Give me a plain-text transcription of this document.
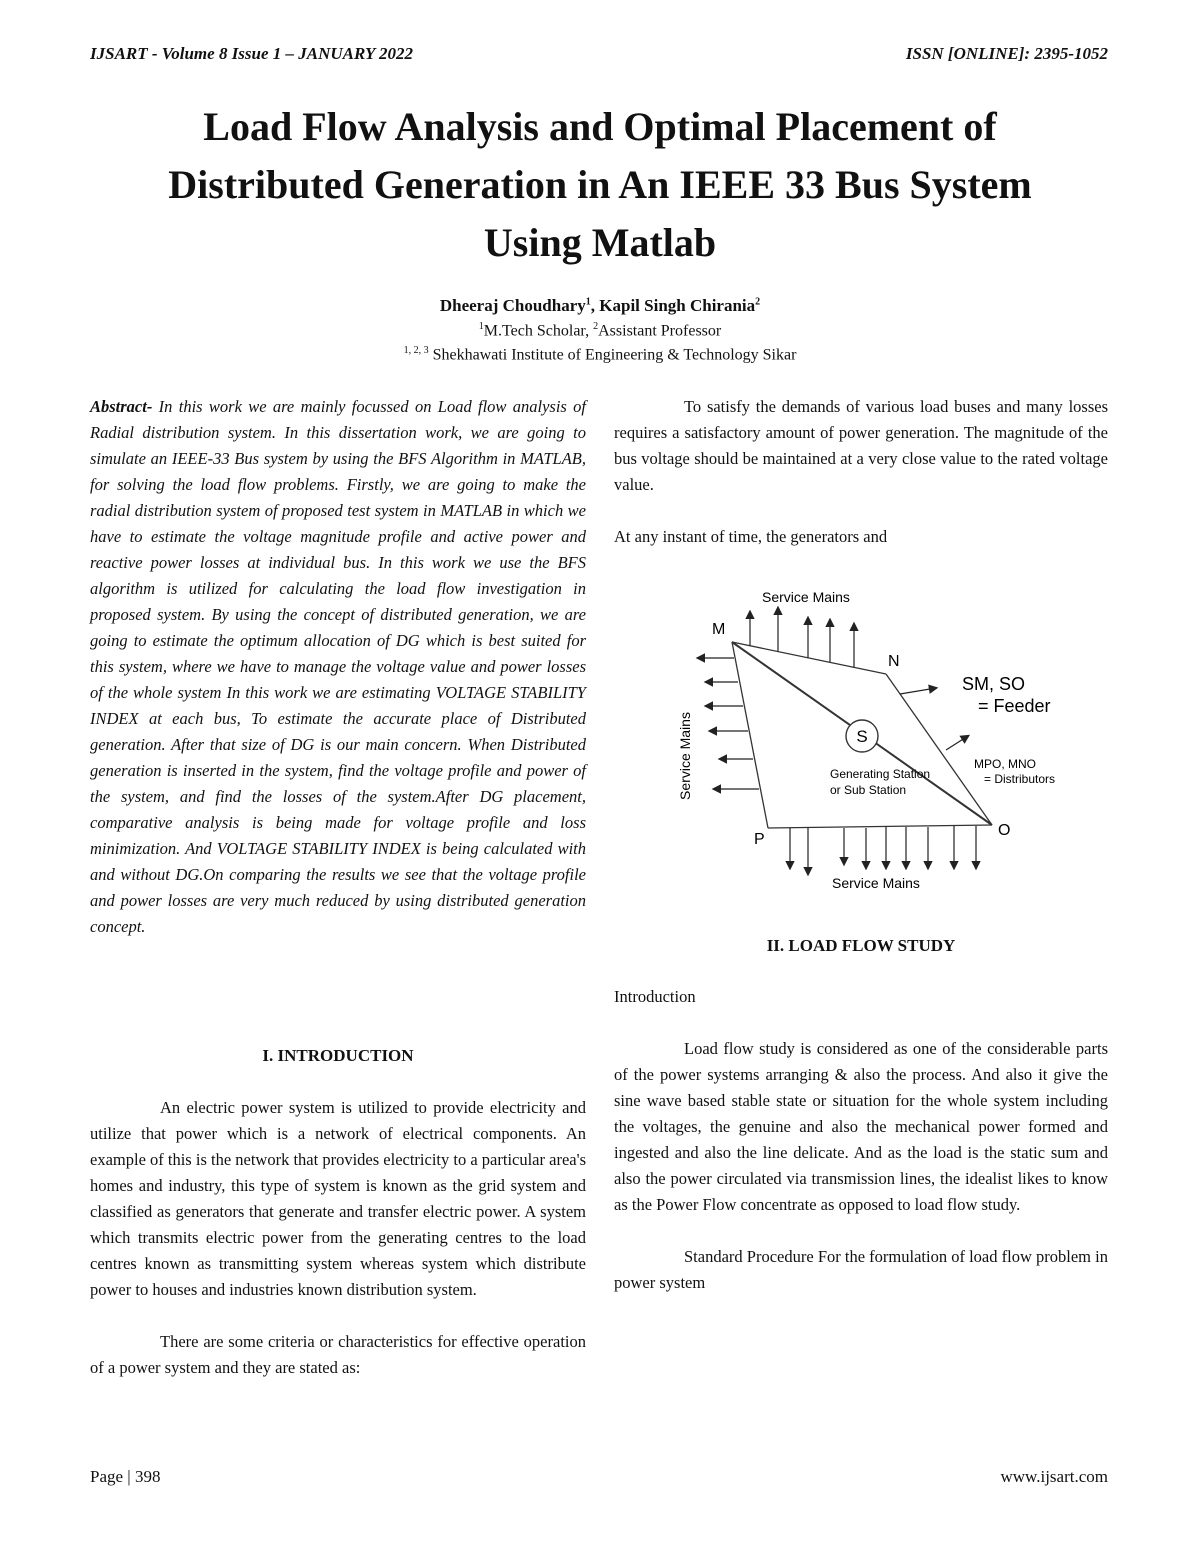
IJSART - Volume 8 Issue 1 – JANUARY 2022	ISSN [ONLINE]: 2395-1052
Load Flow Analysis and Optimal Placement of
Distributed Generation in An IEEE 33 Bus System
Using Matlab
Dheeraj Choudhary$^1$, Kapil Singh Chirania$^2$
$^1$M.Tech Scholar, $^2$Assistant Professor
$^{1, 2, 3}$ Shekhawati Institute of Engineering & Technology Sikar

Abstract- In this work we are mainly focussed on Load flow analysis of Radial distribution system. In this dissertation work, we are going to simulate an IEEE-33 Bus system by using the BFS Algorithm in MATLAB, for solving the load flow problems. Firstly, we are going to make the radial distribution system of proposed test system in MATLAB in which we have to estimate the voltage magnitude profile and active power and reactive power losses at individual bus. In this work we use the BFS algorithm is utilized for calculating the load flow investigation in proposed system. By using the concept of distributed generation, we are going to estimate the optimum allocation of DG which is best suited for this system, where we have to manage the voltage value and power losses of the whole system In this work we are estimating VOLTAGE STABILITY INDEX at each bus, To estimate the accurate place of Distributed generation. After that size of DG is our main concern. When Distributed generation is inserted in the system, find the voltage profile and power of the system, and find the losses of the system.After DG placement, comparative analysis is being made for voltage profile and loss minimization. And VOLTAGE STABILITY INDEX is being calculated with and without DG.On comparing the results we see that the voltage profile and power losses are very much reduced by using distributed generation concept.

I. INTRODUCTION

An electric power system is utilized to provide electricity and utilize that power which is a network of electrical components. An example of this is the network that provides electricity to a particular area's homes and industry, this type of system is known as the grid system and classified as generators that generate and transfer electric power. A system which transmits electric power from the generating centres to the load centres known as transmitting system whereas system which distribute power to houses and industries known distribution system.

There are some criteria or characteristics for effective operation of a power system and they are stated as:

To satisfy the demands of various load buses and many losses requires a satisfactory amount of power generation. The magnitude of the bus voltage should be maintained at a very close value to the rated voltage value.

At any instant of time, the generators and

S
Service Mains
Service Mains
Service Mains
M
N
O
P
SM, SO
= Feeder
MPO, MNO
= Distributors
Generating Station
or Sub Station
II. LOAD FLOW STUDY
Introduction

Load flow study is considered as one of the considerable parts of the power systems arranging & also the process. And also it give the sine wave based stable state or situation for the whole system including the voltages, the genuine and also the mechanical power formed and ingested and also the line delicate. And as the load is the static sum and also the power circulated via transmission lines, the idealist likes to know as the Power Flow concentrate as opposed to load flow study.

Standard Procedure For the formulation of load flow problem in power system

Page | 398	www.ijsart.com
